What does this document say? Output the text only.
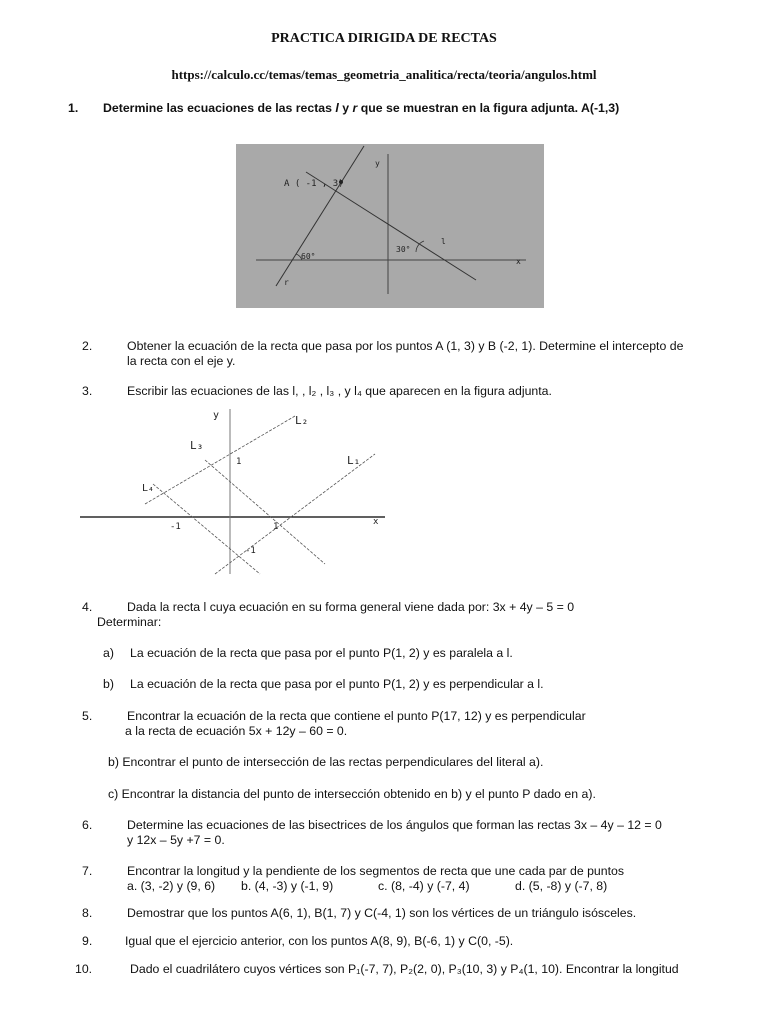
PRACTICA DIRIGIDA DE RECTAS
https://calculo.cc/temas/temas_geometria_analitica/recta/teoria/angulos.html
1. Determine las ecuaciones de las rectas l y r que se muestran en la figura adjunta. A(-1,3)
A ( -1 , 3)
y
x
60°
30°
l
r
2.	Obtener la ecuación de la recta que pasa por los puntos A (1, 3) y B (-2, 1). Determine el intercepto de
la recta con el eje y.
3.	Escribir las ecuaciones de las l, , l₂ , l₃ , y l₄ que aparecen en la figura adjunta.
y
x
L₂
L₃
L₁
L₄
1
-1
-1	1
4.	Dada la recta l cuya ecuación en su forma general viene dada por: 3x + 4y – 5 = 0
Determinar:
a) La ecuación de la recta que pasa por el punto P(1, 2) y es paralela a l.
b) La ecuación de la recta que pasa por el punto P(1, 2) y es perpendicular a l.
5.	Encontrar la ecuación de la recta que contiene el punto P(17, 12) y es perpendicular
a la recta de ecuación 5x + 12y – 60 = 0.
b) Encontrar el punto de intersección de las rectas perpendiculares del literal a).
c) Encontrar la distancia del punto de intersección obtenido en b) y el punto P dado en a).
6.	Determine las ecuaciones de las bisectrices de los ángulos que forman las rectas 3x – 4y – 12 = 0
y 12x – 5y +7 = 0.
7.	Encontrar la longitud y la pendiente de los segmentos de recta que une cada par de puntos
a. (3, -2) y (9, 6) b. (4, -3) y (-1, 9)	c. (8, -4) y (-7, 4)	d. (5, -8) y (-7, 8)
8.	Demostrar que los puntos A(6, 1), B(1, 7) y C(-4, 1) son los vértices de un triángulo isósceles.
9.	Igual que el ejercicio anterior, con los puntos A(8, 9), B(-6, 1) y C(0, -5).
10.	Dado el cuadrilátero cuyos vértices son P₁(-7, 7), P₂(2, 0), P₃(10, 3) y P₄(1, 10). Encontrar la longitud
